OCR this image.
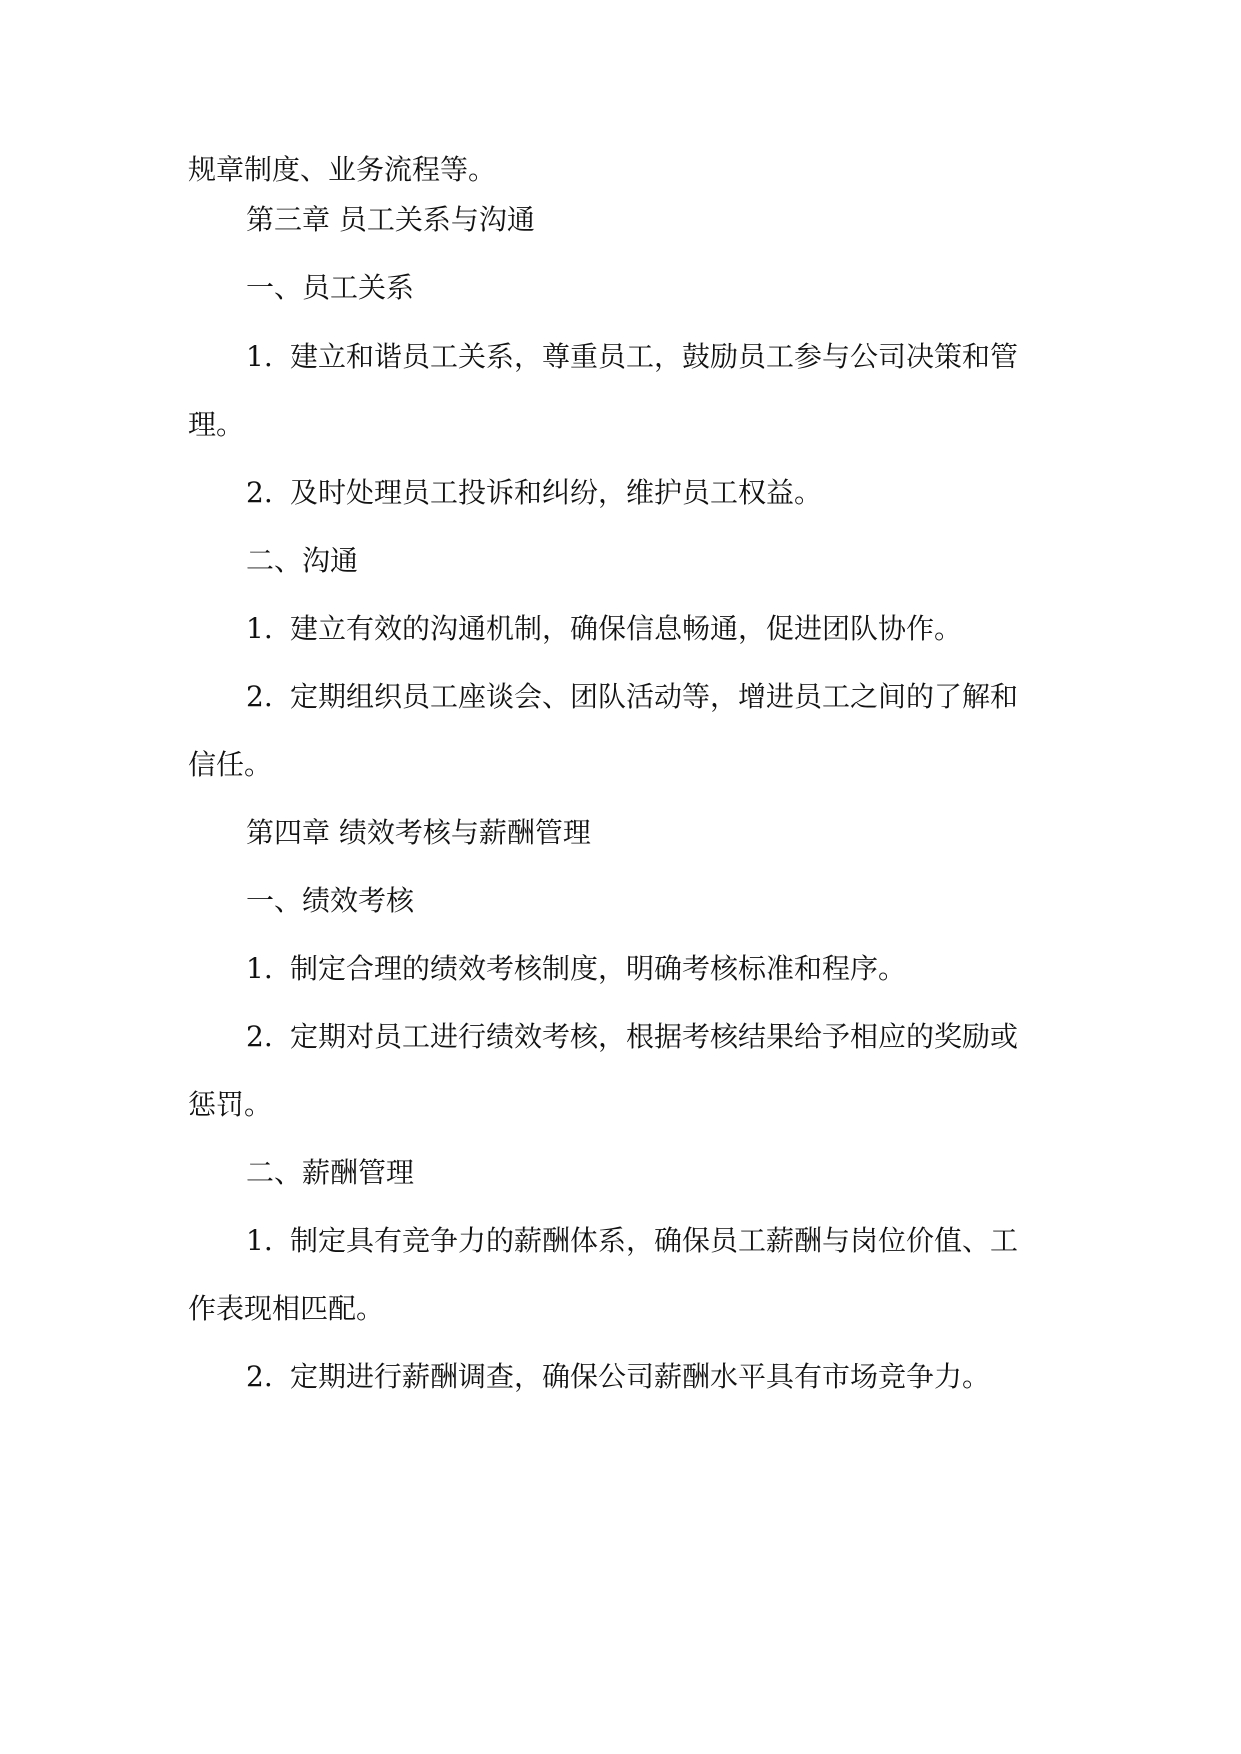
规章制度、业务流程等。
第三章 员工关系与沟通
一、员工关系
1. 建立和谐员工关系，尊重员工，鼓励员工参与公司决策和管
理。
2. 及时处理员工投诉和纠纷，维护员工权益。
二、沟通
1. 建立有效的沟通机制，确保信息畅通，促进团队协作。
2. 定期组织员工座谈会、团队活动等，增进员工之间的了解和
信任。
第四章 绩效考核与薪酬管理
一、绩效考核
1. 制定合理的绩效考核制度，明确考核标准和程序。
2. 定期对员工进行绩效考核，根据考核结果给予相应的奖励或
惩罚。
二、薪酬管理
1. 制定具有竞争力的薪酬体系，确保员工薪酬与岗位价值、工
作表现相匹配。
2. 定期进行薪酬调查，确保公司薪酬水平具有市场竞争力。
